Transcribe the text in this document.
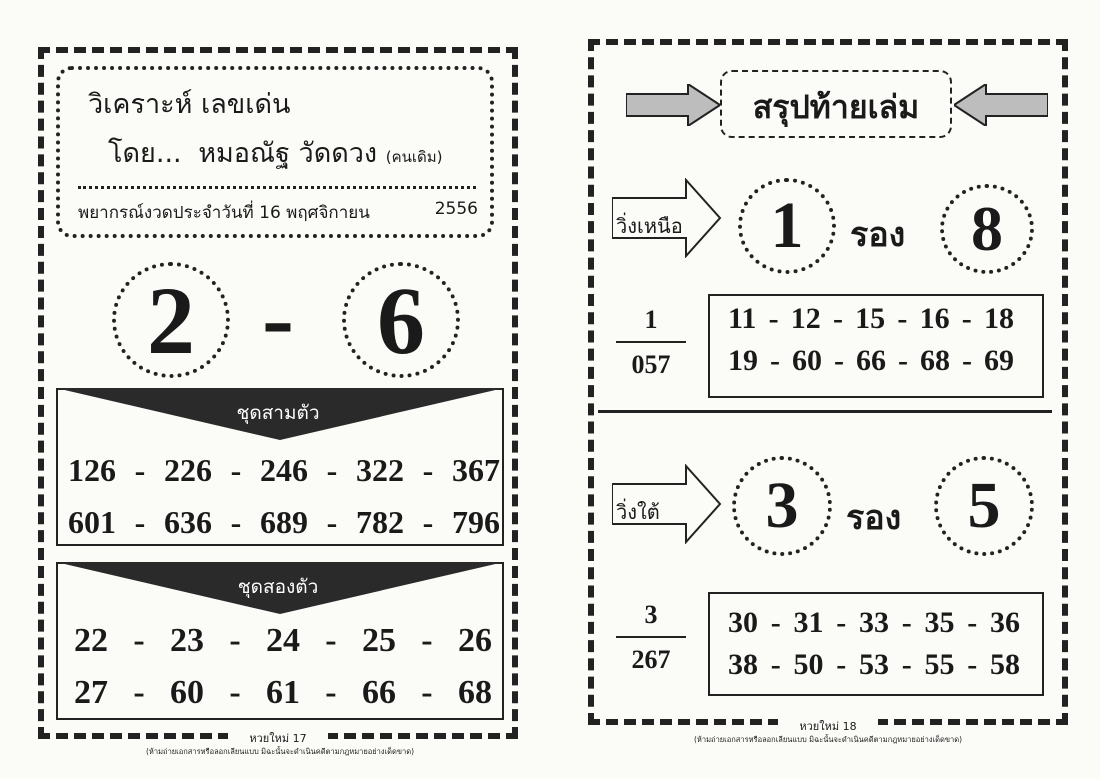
วิเคราะห์ เลขเด่น
โดย... หมอณัฐ วัดดวง (คนเดิม)
พยากรณ์งวดประจำวันที่ 16 พฤศจิกายน	2556
2 - 6
ชุดสามตัว
126 - 226 - 246 - 322 - 367
601 - 636 - 689 - 782 - 796
ชุดสองตัว
22 - 23 - 24 - 25 - 26
27 - 60 - 61 - 66 - 68
หวยใหม่ 17
(ห้ามถ่ายเอกสารหรือลอกเลียนแบบ มิฉะนั้นจะดำเนินคดีตามกฎหมายอย่างเด็ดขาด)
สรุปท้ายเล่ม
วิ่งเหนือ 1 รอง 8
1
057
11 - 12 - 15 - 16 - 18
19 - 60 - 66 - 68 - 69
วิ่งใต้ 3 รอง 5
3
267
30 - 31 - 33 - 35 - 36
38 - 50 - 53 - 55 - 58
หวยใหม่ 18
(ห้ามถ่ายเอกสารหรือลอกเลียนแบบ มิฉะนั้นจะดำเนินคดีตามกฎหมายอย่างเด็ดขาด)
